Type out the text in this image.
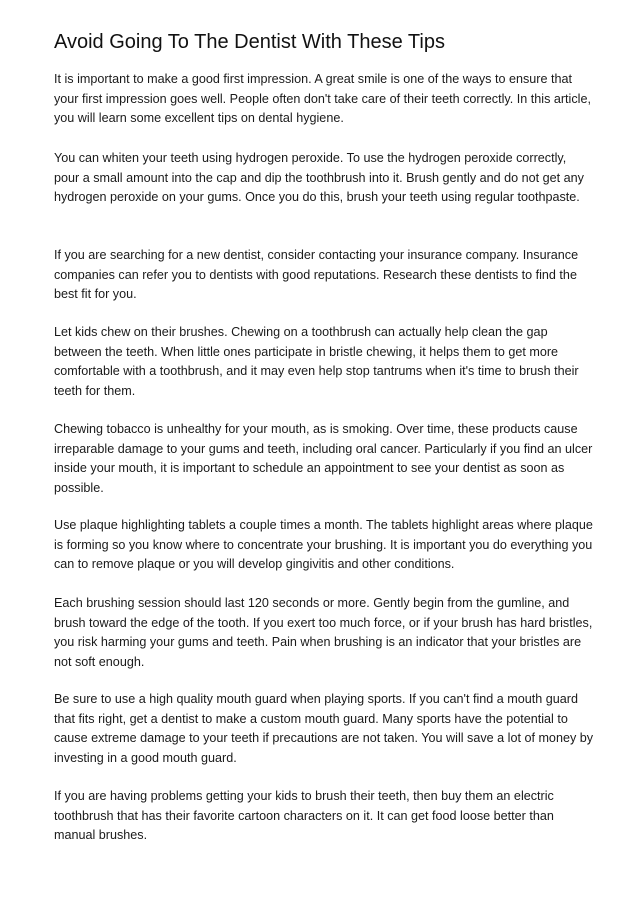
Avoid Going To The Dentist With These Tips

It is important to make a good first impression. A great smile is one of the ways to ensure that your first impression goes well. People often don't take care of their teeth correctly. In this article, you will learn some excellent tips on dental hygiene.

You can whiten your teeth using hydrogen peroxide. To use the hydrogen peroxide correctly, pour a small amount into the cap and dip the toothbrush into it. Brush gently and do not get any hydrogen peroxide on your gums. Once you do this, brush your teeth using regular toothpaste.

If you are searching for a new dentist, consider contacting your insurance company. Insurance companies can refer you to dentists with good reputations. Research these dentists to find the best fit for you.

Let kids chew on their brushes. Chewing on a toothbrush can actually help clean the gap between the teeth. When little ones participate in bristle chewing, it helps them to get more comfortable with a toothbrush, and it may even help stop tantrums when it's time to brush their teeth for them.

Chewing tobacco is unhealthy for your mouth, as is smoking. Over time, these products cause irreparable damage to your gums and teeth, including oral cancer. Particularly if you find an ulcer inside your mouth, it is important to schedule an appointment to see your dentist as soon as possible.

Use plaque highlighting tablets a couple times a month. The tablets highlight areas where plaque is forming so you know where to concentrate your brushing. It is important you do everything you can to remove plaque or you will develop gingivitis and other conditions.

Each brushing session should last 120 seconds or more. Gently begin from the gumline, and brush toward the edge of the tooth. If you exert too much force, or if your brush has hard bristles, you risk harming your gums and teeth. Pain when brushing is an indicator that your bristles are not soft enough.

Be sure to use a high quality mouth guard when playing sports. If you can't find a mouth guard that fits right, get a dentist to make a custom mouth guard. Many sports have the potential to cause extreme damage to your teeth if precautions are not taken. You will save a lot of money by investing in a good mouth guard.

If you are having problems getting your kids to brush their teeth, then buy them an electric toothbrush that has their favorite cartoon characters on it. It can get food loose better than manual brushes.
